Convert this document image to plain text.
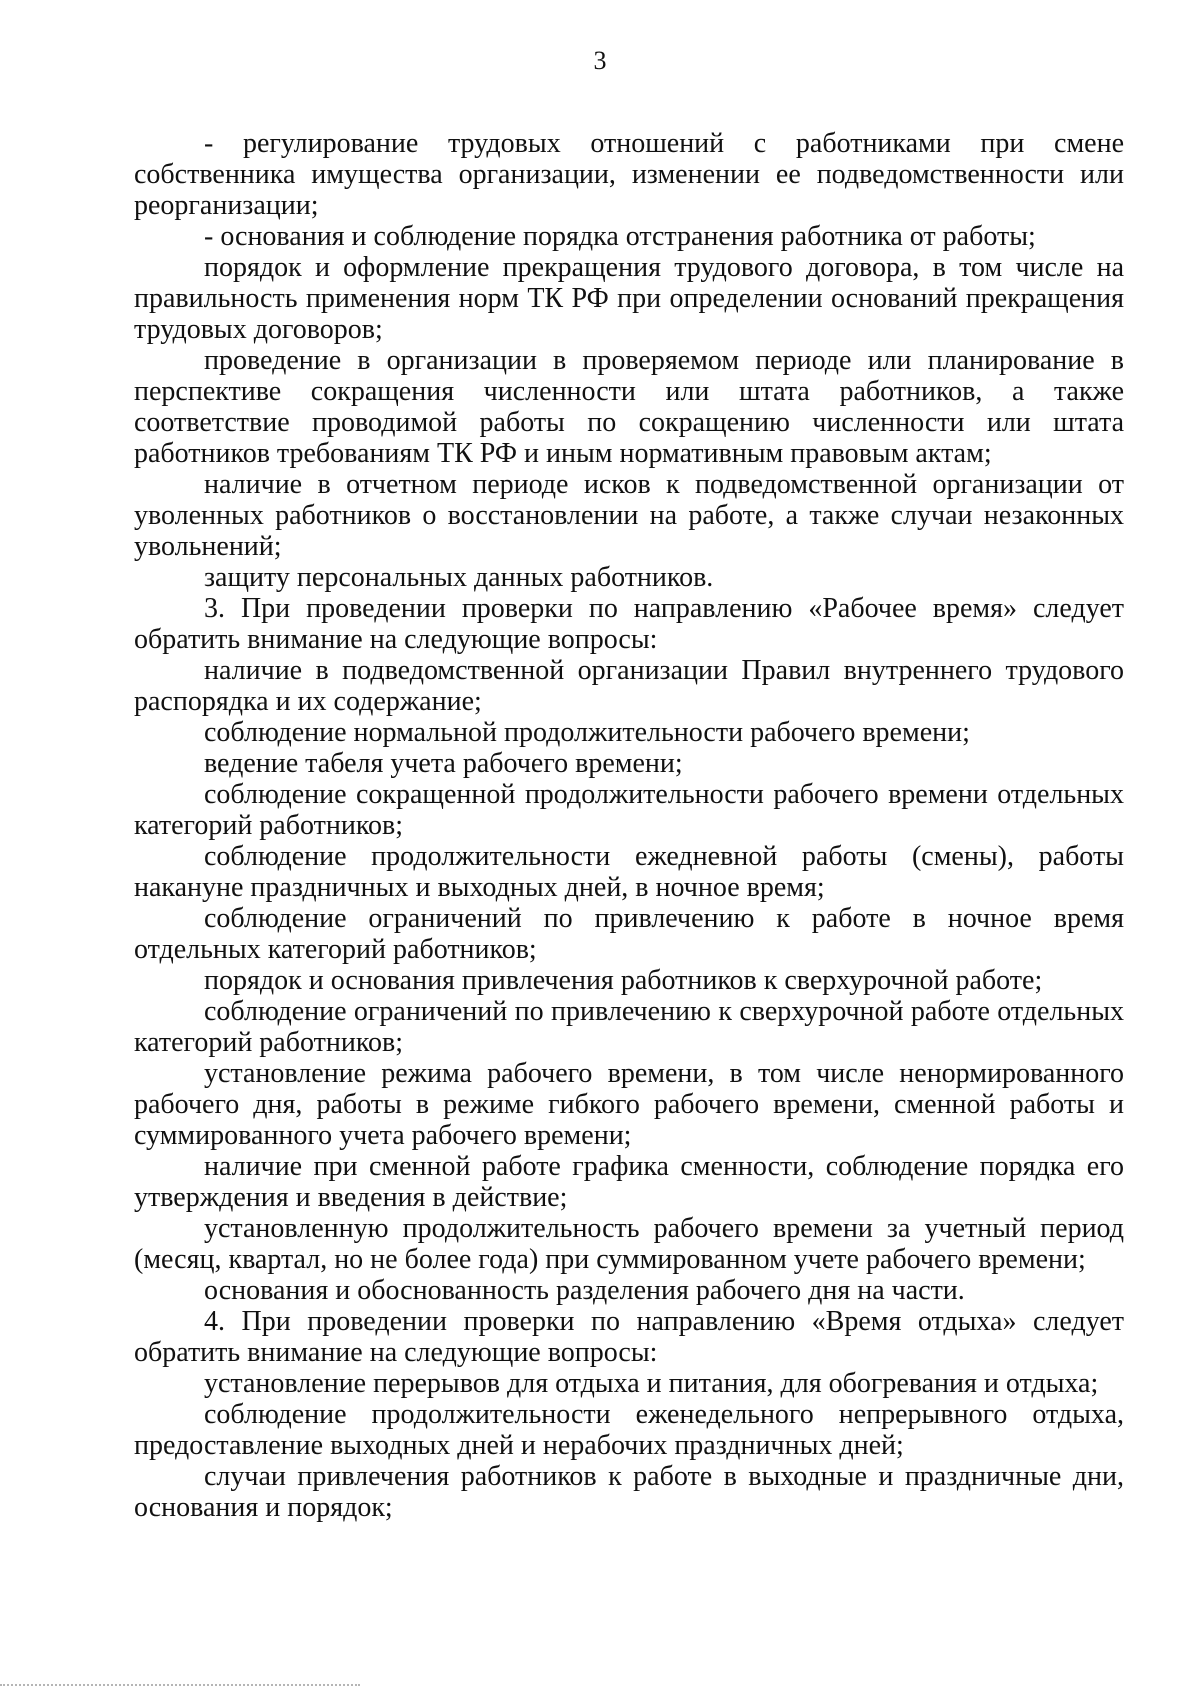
3

- регулирование трудовых отношений с работниками при смене собственника имущества организации, изменении ее подведомственности или реорганизации;

- основания и соблюдение порядка отстранения работника от работы;

порядок и оформление прекращения трудового договора, в том числе на правильность применения норм ТК РФ при определении оснований прекращения трудовых договоров;

проведение в организации в проверяемом периоде или планирование в перспективе сокращения численности или штата работников, а также соответствие проводимой работы по сокращению численности или штата работников требованиям ТК РФ и иным нормативным правовым актам;

наличие в отчетном периоде исков к подведомственной организации от уволенных работников о восстановлении на работе, а также случаи незаконных увольнений;

защиту персональных данных работников.

3. При проведении проверки по направлению «Рабочее время» следует обратить внимание на следующие вопросы:

наличие в подведомственной организации Правил внутреннего трудового распорядка и их содержание;

соблюдение нормальной продолжительности рабочего времени;

ведение табеля учета рабочего времени;

соблюдение сокращенной продолжительности рабочего времени отдельных категорий работников;

соблюдение продолжительности ежедневной работы (смены), работы накануне праздничных и выходных дней, в ночное время;

соблюдение ограничений по привлечению к работе в ночное время отдельных категорий работников;

порядок и основания привлечения работников к сверхурочной работе;

соблюдение ограничений по привлечению к сверхурочной работе отдельных категорий работников;

установление режима рабочего времени, в том числе ненормированного рабочего дня, работы в режиме гибкого рабочего времени, сменной работы и суммированного учета рабочего времени;

наличие при сменной работе графика сменности, соблюдение порядка его утверждения и введения в действие;

установленную продолжительность рабочего времени за учетный период (месяц, квартал, но не более года) при суммированном учете рабочего времени;

основания и обоснованность разделения рабочего дня на части.

4. При проведении проверки по направлению «Время отдыха» следует обратить внимание на следующие вопросы:

установление перерывов для отдыха и питания, для обогревания и отдыха;

соблюдение продолжительности еженедельного непрерывного отдыха, предоставление выходных дней и нерабочих праздничных дней;

случаи привлечения работников к работе в выходные и праздничные дни, основания и порядок;
